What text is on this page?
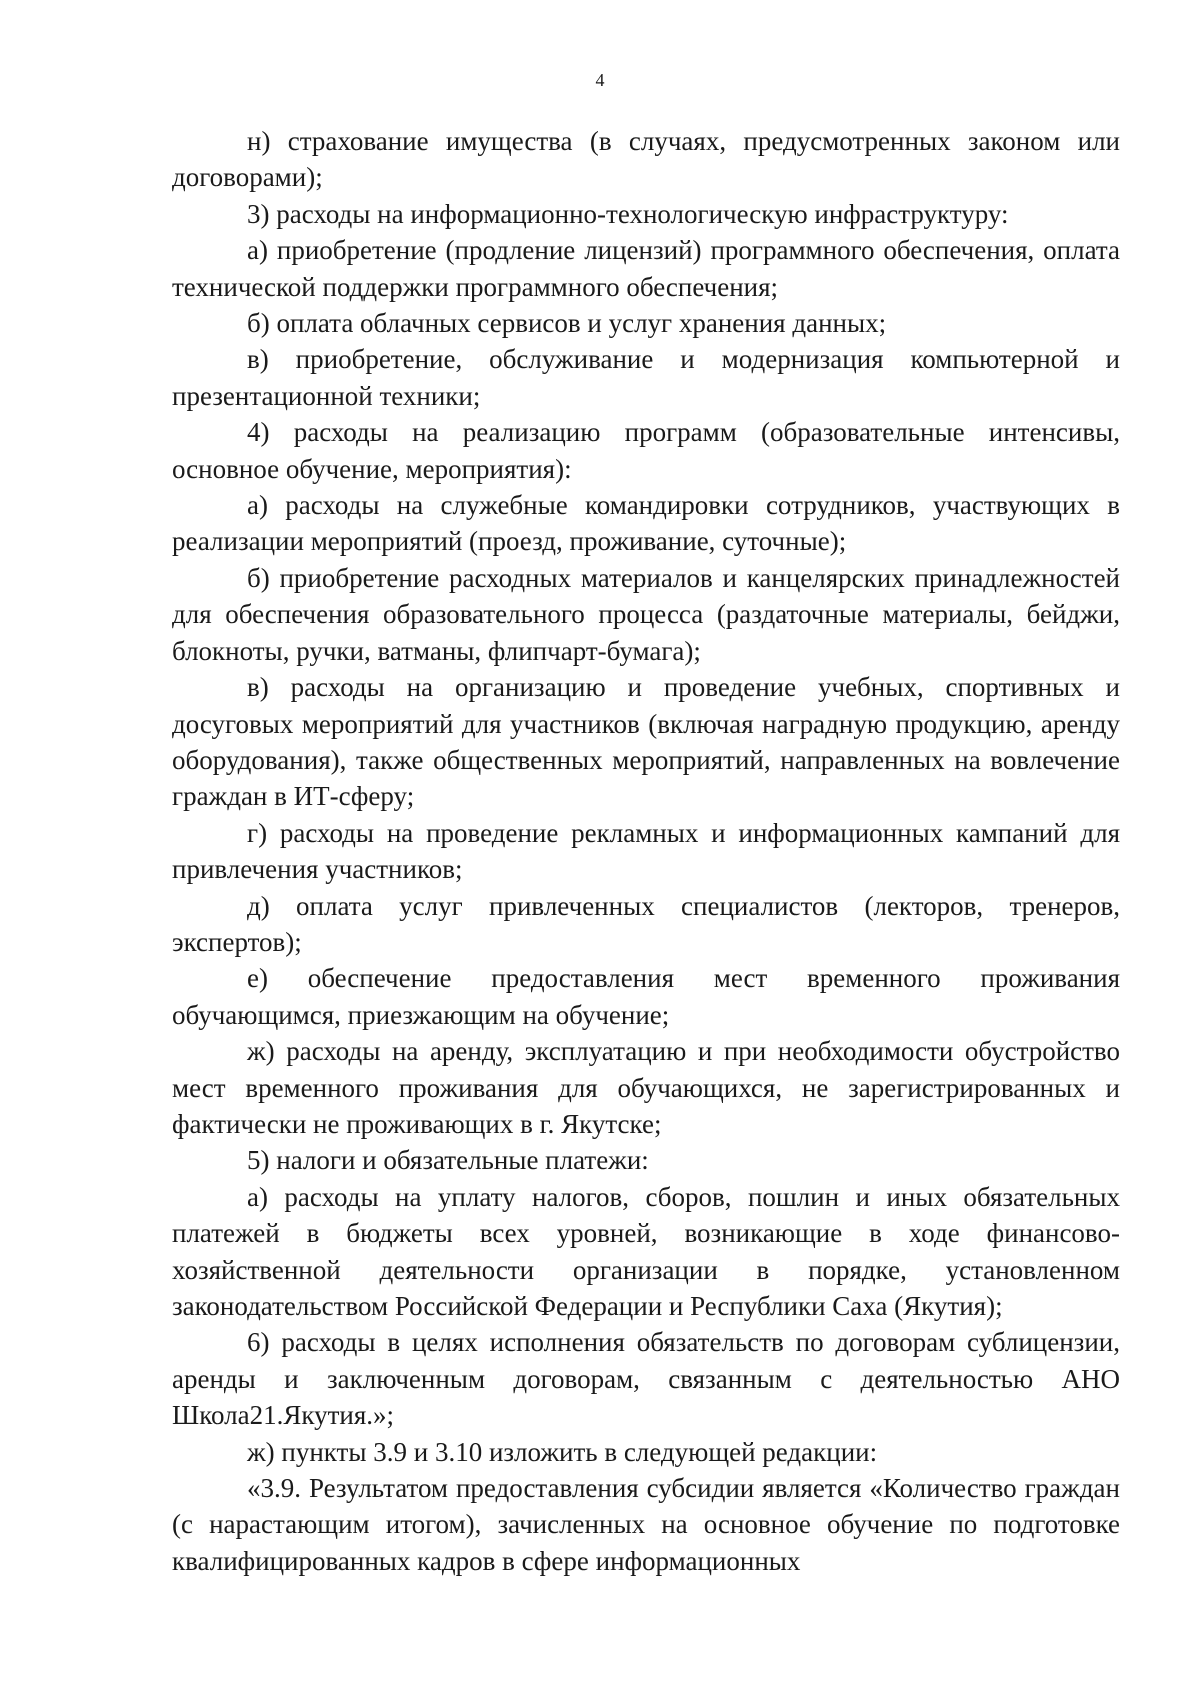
4

н) страхование имущества (в случаях, предусмотренных законом или договорами);

3) расходы на информационно-технологическую инфраструктуру:

а) приобретение (продление лицензий) программного обеспечения, оплата технической поддержки программного обеспечения;

б) оплата облачных сервисов и услуг хранения данных;

в) приобретение, обслуживание и модернизация компьютерной и презентационной техники;

4) расходы на реализацию программ (образовательные интенсивы, основное обучение, мероприятия):

а) расходы на служебные командировки сотрудников, участвующих в реализации мероприятий (проезд, проживание, суточные);

б) приобретение расходных материалов и канцелярских принадлежностей для обеспечения образовательного процесса (раздаточные материалы, бейджи, блокноты, ручки, ватманы, флипчарт-бумага);

в) расходы на организацию и проведение учебных, спортивных и досуговых мероприятий для участников (включая наградную продукцию, аренду оборудования), также общественных мероприятий, направленных на вовлечение граждан в ИТ-сферу;

г) расходы на проведение рекламных и информационных кампаний для привлечения участников;

д) оплата услуг привлеченных специалистов (лекторов, тренеров, экспертов);

е) обеспечение предоставления мест временного проживания обучающимся, приезжающим на обучение;

ж) расходы на аренду, эксплуатацию и при необходимости обустройство мест временного проживания для обучающихся, не зарегистрированных и фактически не проживающих в г. Якутске;

5) налоги и обязательные платежи:

а) расходы на уплату налогов, сборов, пошлин и иных обязательных платежей в бюджеты всех уровней, возникающие в ходе финансово-хозяйственной деятельности организации в порядке, установленном законодательством Российской Федерации и Республики Саха (Якутия);

6) расходы в целях исполнения обязательств по договорам сублицензии, аренды и заключенным договорам, связанным с деятельностью АНО Школа21.Якутия.»;

ж) пункты 3.9 и 3.10 изложить в следующей редакции:

«3.9. Результатом предоставления субсидии является «Количество граждан (с нарастающим итогом), зачисленных на основное обучение по подготовке квалифицированных кадров в сфере информационных
